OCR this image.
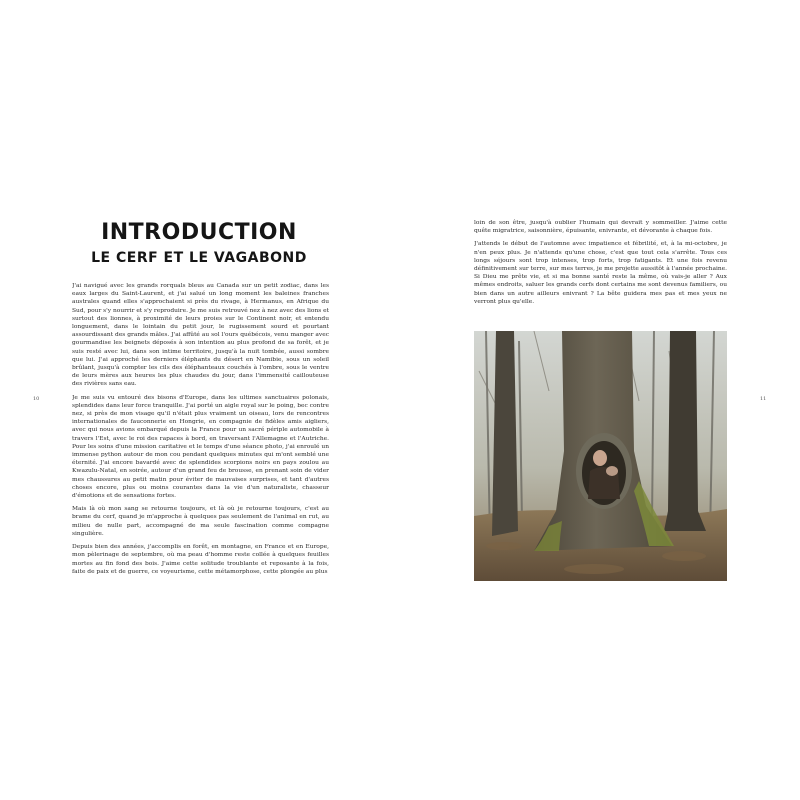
INTRODUCTION
LE CERF ET LE VAGABOND

J'ai navigué avec les grands rorquals bleus au Canada sur un petit zodiac, dans les eaux larges du Saint-Laurent, et j'ai salué un long moment les baleines franches australes quand elles s'approchaient si près du rivage, à Hermanus, en Afrique du Sud, pour s'y nourrir et s'y reproduire. Je me suis retrouvé nez à nez avec des lions et surtout des lionnes, à proximité de leurs proies sur le Continent noir, et entendu longuement, dans le lointain du petit jour, le rugissement sourd et pourtant assourdissant des grands mâles. J'ai affûté au sol l'ours québécois, venu manger avec gourmandise les beignets déposés à son intention au plus profond de sa forêt, et je suis resté avec lui, dans son intime territoire, jusqu'à la nuit tombée, aussi sombre que lui. J'ai approché les derniers éléphants du désert en Namibie, sous un soleil brûlant, jusqu'à compter les cils des éléphanteaux couchés à l'ombre, sous le ventre de leurs mères aux heures les plus chaudes du jour, dans l'immensité caillouteuse des rivières sans eau.

Je me suis vu entouré des bisons d'Europe, dans les ultimes sanctuaires polonais, splendides dans leur force tranquille. J'ai porté un aigle royal sur le poing, bec contre nez, si près de mon visage qu'il n'était plus vraiment un oiseau, lors de rencontres internationales de fauconnerie en Hongrie, en compagnie de fidèles amis aigliers, avec qui nous avions embarqué depuis la France pour un sacré périple automobile à travers l'Est, avec le roi des rapaces à bord, en traversant l'Allemagne et l'Autriche. Pour les soins d'une mission caritative et le temps d'une séance photo, j'ai enroulé un immense python autour de mon cou pendant quelques minutes qui m'ont semblé une éternité. J'ai encore bavardé avec de splendides scorpions noirs en pays zoulou au Kwazulu-Natal, en soirée, autour d'un grand feu de brousse, en prenant soin de vider mes chaussures au petit matin pour éviter de mauvaises surprises, et tant d'autres choses encore, plus ou moins courantes dans la vie d'un naturaliste, chasseur d'émotions et de sensations fortes.

Mais là où mon sang se retourne toujours, et là où je retourne toujours, c'est au brame du cerf, quand je m'approche à quelques pas seulement de l'animal en rut, au milieu de nulle part, accompagné de ma seule fascination comme compagne singulière.

Depuis bien des années, j'accomplis en forêt, en montagne, en France et en Europe, mon pèlerinage de septembre, où ma peau d'homme reste collée à quelques feuilles mortes au fin fond des bois. J'aime cette solitude troublante et reposante à la fois, faite de paix et de guerre, ce voyeurisme, cette métamorphose, cette plongée au plus

10

loin de son être, jusqu'à oublier l'humain qui devrait y sommeiller. J'aime cette quête migratrice, saisonnière, épuisante, enivrante, et dévorante à chaque fois.

J'attends le début de l'automne avec impatience et fébrilité, et, à la mi-octobre, je n'en peux plus. Je n'attends qu'une chose, c'est que tout cela s'arrête. Tous ces longs séjours sont trop intenses, trop forts, trop fatigants. Et une fois revenu définitivement sur terre, sur mes terres, je me projette aussitôt à l'année prochaine. Si Dieu me prête vie, et si ma bonne santé reste la même, où vais-je aller ? Aux mêmes endroits, saluer les grands cerfs dont certains me sont devenus familiers, ou bien dans un autre ailleurs enivrant ? La bête guidera mes pas et mes yeux ne verront plus qu'elle.

11
